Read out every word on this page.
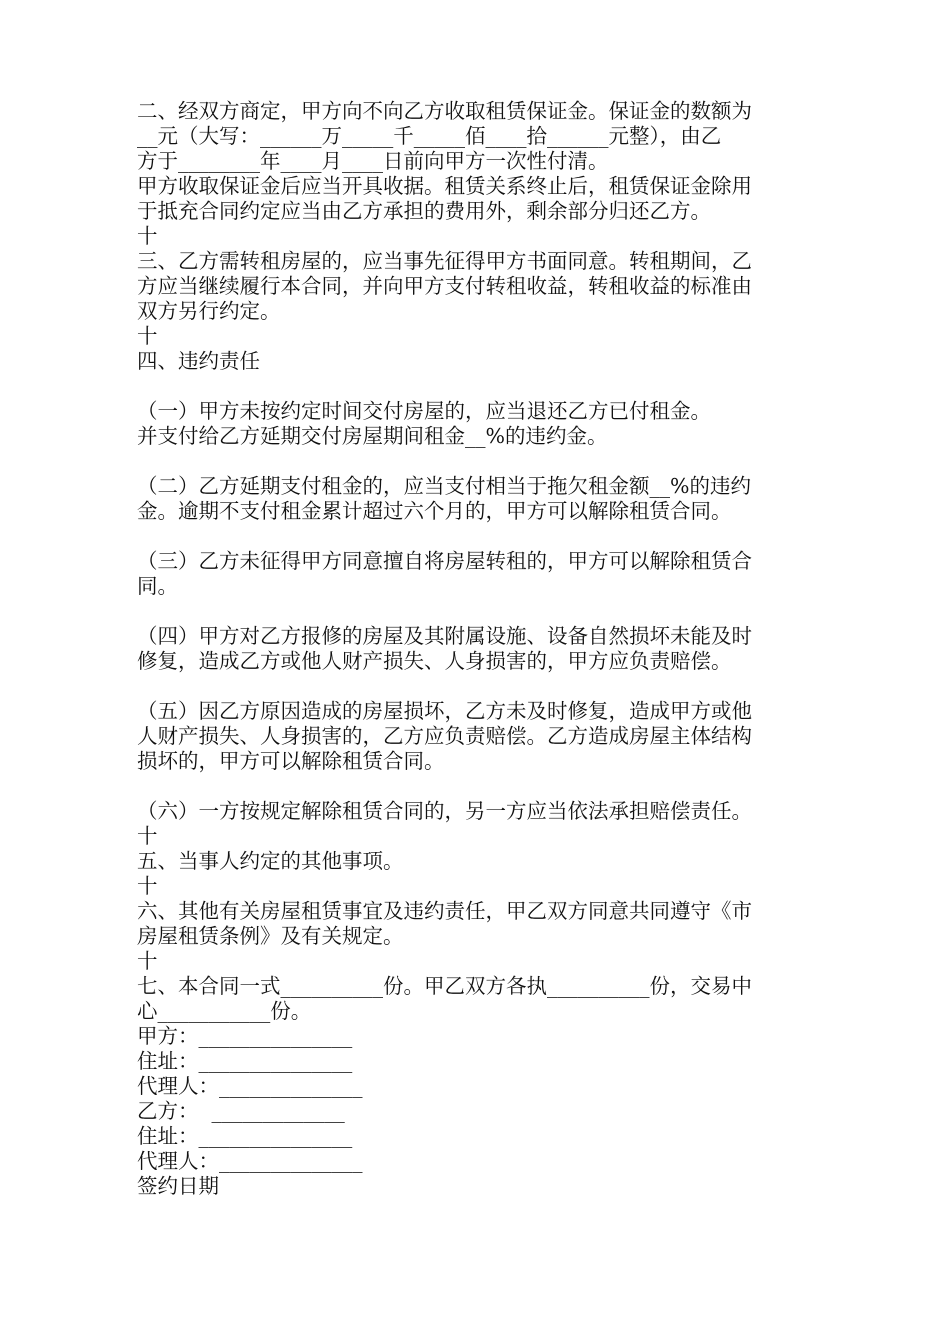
二、经双方商定，甲方向不向乙方收取租赁保证金。保证金的数额为
__元（大写：______万_____千_____佰____拾______元整），由乙
方于________年____月____日前向甲方一次性付清。
甲方收取保证金后应当开具收据。租赁关系终止后，租赁保证金除用
于抵充合同约定应当由乙方承担的费用外，剩余部分归还乙方。
十
三、乙方需转租房屋的，应当事先征得甲方书面同意。转租期间，乙
方应当继续履行本合同，并向甲方支付转租收益，转租收益的标准由
双方另行约定。
十
四、违约责任
（一）甲方未按约定时间交付房屋的，应当退还乙方已付租金。
并支付给乙方延期交付房屋期间租金__%的违约金。
（二）乙方延期支付租金的，应当支付相当于拖欠租金额__%的违约
金。逾期不支付租金累计超过六个月的，甲方可以解除租赁合同。
（三）乙方未征得甲方同意擅自将房屋转租的，甲方可以解除租赁合
同。
（四）甲方对乙方报修的房屋及其附属设施、设备自然损坏未能及时
修复，造成乙方或他人财产损失、人身损害的，甲方应负责赔偿。
（五）因乙方原因造成的房屋损坏，乙方未及时修复，造成甲方或他
人财产损失、人身损害的，乙方应负责赔偿。乙方造成房屋主体结构
损坏的，甲方可以解除租赁合同。
（六）一方按规定解除租赁合同的，另一方应当依法承担赔偿责任。
十
五、当事人约定的其他事项。
十
六、其他有关房屋租赁事宜及违约责任，甲乙双方同意共同遵守《市
房屋租赁条例》及有关规定。
十
七、本合同一式__________份。甲乙双方各执__________份，交易中
心___________份。
甲方：_______________
住址：_______________
代理人：______________
乙方：  _____________
住址：_______________
代理人：______________
签约日期
